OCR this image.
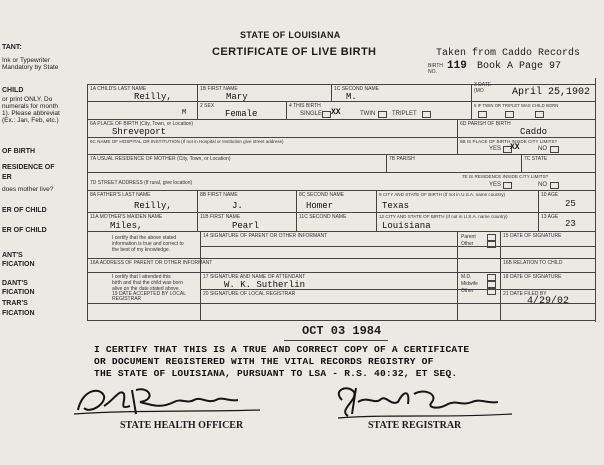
STATE OF LOUISIANA
CERTIFICATE OF LIVE BIRTH	Taken from Caddo Records
BIRTH NO. 119 Book A Page 97
TANT:
Ink or Typewriter
Mandatory by State
CHILD
or print ONLY. Do
numerals for month
1). Please abbreviat
(Ex.: Jan, Feb, etc.)
OF BIRTH
RESIDENCE OF
ER
does mother live?
ER OF CHILD
ER OF CHILD
ANT'S
FICATION
DANT'S
FICATION
TRAR'S
FICATION
1A CHILD'S LAST NAME	1B FIRST NAME	1C SECOND NAME
3 DATE
(MO
Reilly,	Mary	M.	April 25,1902
2 SEX
M	Female
4 THIS BIRTH
SINGLE XX	TWIN	TRIPLET
5 IF TWIN OR TRIPLET WAS CHILD BORN
6A PLACE OF BIRTH (City, Town, or Location)	6D PARISH OF BIRTH
Shreveport	Caddo
6C NAME OF HOSPITAL OR INSTITUTION (If not in Hospital or Institution give street address)	6B IS PLACE OF BIRTH INSIDE CITY LIMITS?
YES XX	NO
7A USUAL RESIDENCE OF MOTHER (City, Town, or Location)	7B PARISH	7C STATE
7D STREET ADDRESS (If rural, give location)
7E IS RESIDENCE INSIDE CITY LIMITS?
YES	NO
8A FATHER'S LAST NAME	8B FIRST NAME	8C SECOND NAME	9 CITY AND STATE OF BIRTH (If not in U.S.A. name country)	10 AGE
Reilly,	J.	Homer	Texas	25
11A MOTHER'S MAIDEN NAME	11B FIRST NAME	11C SECOND NAME	12 CITY AND STATE OF BIRTH (If not in U.S.A. name country)	13 AGE
Miles,	Pearl	Louisiana	23
I certify that the above stated
information is true and correct to
the best of my knowledge.
14 SIGNATURE OF PARENT OR OTHER INFORMANT	Parent
Other
15 DATE OF SIGNATURE
16A ADDRESS OF PARENT OR OTHER INFORMANT	16B RELATION TO CHILD
I certify that I attended this
birth and that the child was born
alive on the date stated above.
17 SIGNATURE AND NAME OF ATTENDANT
W. K. Sutherlin
M.D.
Midwife
Other
18 DATE OF SIGNATURE
19 DATE ACCEPTED BY LOCAL REGISTRAR
20 SIGNATURE OF LOCAL REGISTRAR	21 DATE FILED BY
4/29/02
OCT 03 1984
I CERTIFY THAT THIS IS A TRUE AND CORRECT COPY OF A CERTIFICATE
OR DOCUMENT REGISTERED WITH THE VITAL RECORDS REGISTRY OF
THE STATE OF LOUISIANA, PURSUANT TO LSA - R.S. 40:32, ET SEQ.
STATE HEALTH OFFICER	STATE REGISTRAR
